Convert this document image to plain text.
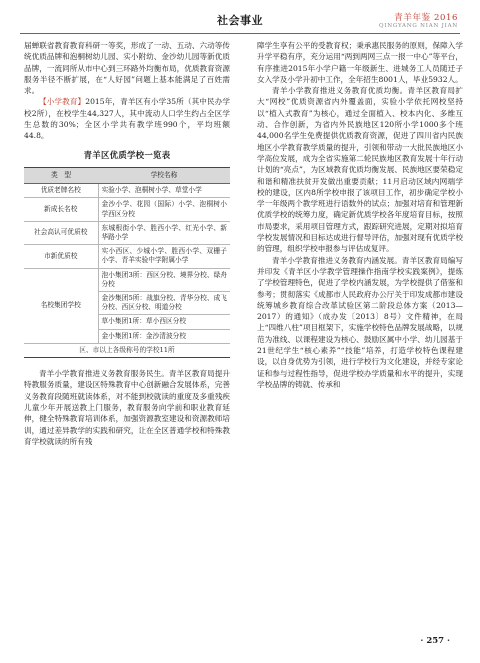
社会事业	青羊年鉴 2016
QINGYANG NIAN JIAN

届蝉联省教育教育科研一等奖，形成了一动、五动、六动等传统优质品牌和泡桐树幼儿园、实小附幼、金沙幼儿园等新优质品牌，一流同所从市中心到三环路外均衡布局，优质教育资源服务半径不断扩展，在“人好园”问题上基本能满足了百姓需求。

【小学教育】2015年，青羊区有小学35所（其中民办学校2所），在校学生44,327人，其中流动人口学生约占全区学生总数的30%；全区小学共有教学班990个，平均班额44.8。

青羊区优质学校一览表
类　型	学校名称
优质老牌名校	实验小学、泡桐树小学、草堂小学
新成长名校	金沙小学、花园（国际）小学、泡桐树小学西区分校
社会高认可优质校	东城根街小学、胜西小学、红光小学、新华路小学
市新优质校	实小西区、少城小学、胜西小学、双栅子小学、青羊实验中学附属小学
名校集团学校	泡小集团3所：西区分校、境界分校、绿舟分校
	金沙集团5所：战旗分校、青华分校、成飞分校、西区分校、明道分校
	草小集团1所：草小西区分校
	金小集团1所：金沙清波分校
区、市以上各级称号的学校11所	

青羊小学教育推进义务教育服务民生。青羊区教育局提升特教服务质量，建设区特殊教育中心创新融合发展体系，完善义务教育段随班就读体系，对不能到校就读的重度及多重残疾儿童少年开展送教上门服务，教育服务向学前和职业教育延伸，健全特殊教育培训体系，加强资源教室建设和资源教师培训，通过差异教学的实践和研究，让在全区普通学校和特殊教育学校就读的所有残

障学生享有公平的受教育权；秉承惠民服务的原则，保障入学升学平稳有序，充分运用“两到两网三点一报一中心”等平台，有序推进2015年小学户籍一年级新生、进城务工人员随迁子女入学及小学升初中工作，全年招生8001人，毕业5932人。

青羊小学教育推进义务教育优质均衡。青羊区教育局扩大“网校”优质资源省内外覆盖面，实验小学依托网校坚持以“植入式教育”为核心，通过全面植入、校本内化、多维互动、合作创新，为省内外民族地区120所小学1000多个班44,000名学生免费提供优质教育资源，促进了四川省内民族地区小学教育教学质量的提升，引领和带动一大批民族地区小学高位发展，成为全省实施第二轮民族地区教育发展十年行动计划的“亮点”，为区域教育优质均衡发展、民族地区要荣稳定和谐和精准扶贫开发做出重要贡献；11月启动区域内网端学校的建设，区内8所学校申报了该项目工作，初步确定学校小学一年级两个教学班进行语数外的试点；加强对培育和管理新优质学校的统筹力度，确定新优质学校各年度培育目标，按照市局要求，采用项目管理方式，跟踪研究进展，定期对拟培育学校发展情况和目标达成进行督导评估，加强对现有优质学校的管理，组织学校申报参与评估成复评。

青羊小学教育推进义务教育内涵发展。青羊区教育局编写并印发《青羊区小学教学管理操作指南学校实践案例》，提炼了学校管理特色，促进了学校内涵发展，为学校提供了借鉴和参考；贯彻落实《成都市人民政府办公厅关于印发成都市建设统筹城乡教育综合改革试验区第二阶段总体方案（2013—2017）的通知》（成办发〔2013〕8号）文件精神，在局上“四维八柱”项目框架下，实施学校特色品牌发展战略，以规范为准线、以课程建设为核心、鼓励区属中小学、幼儿园基于21世纪学生“核心素养”“技能”培养，打造学校特色课程建设，以自身优势为引领，进行学校行为文化建设，并经专家论证和参与过程性指导，促进学校办学质量和水平的提升，实现学校品牌的铸就、传承和

· 257 ·
